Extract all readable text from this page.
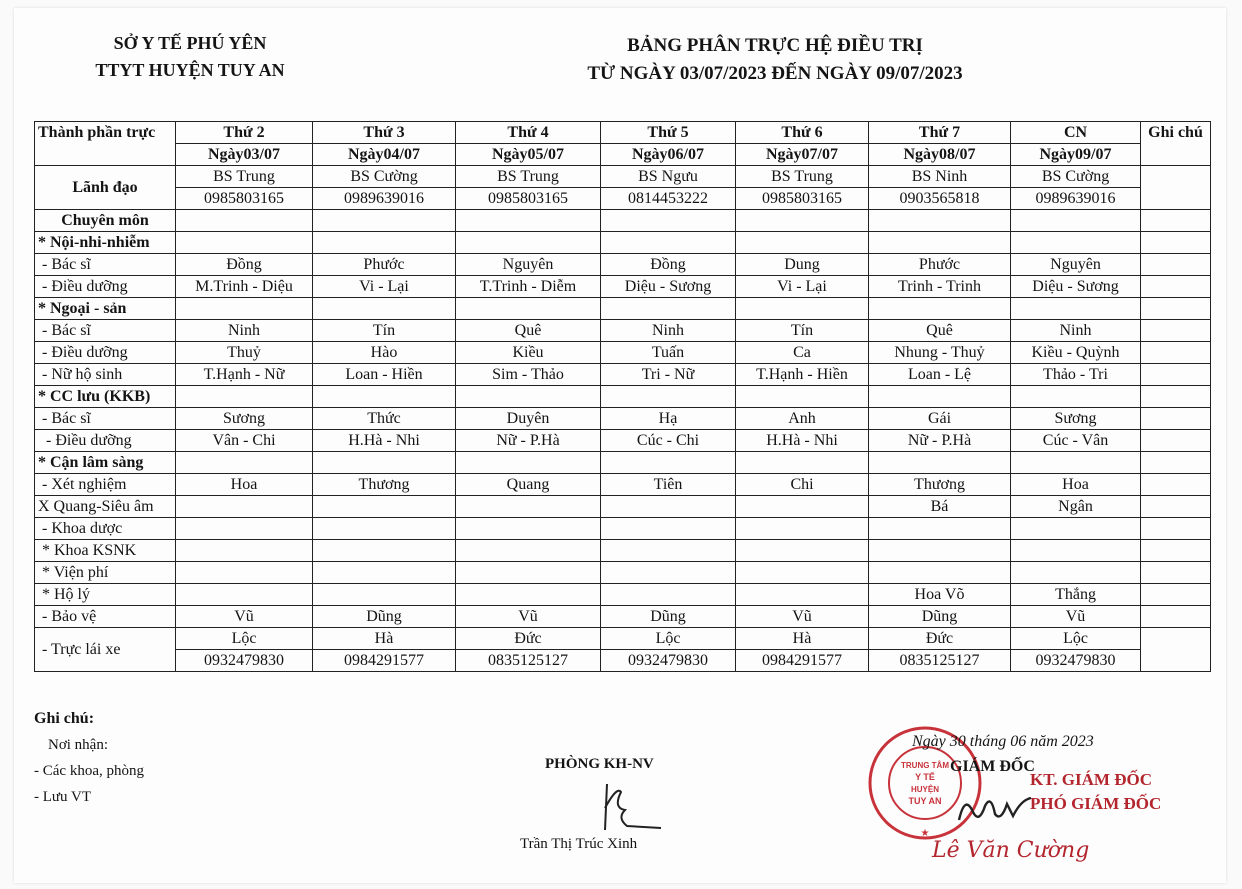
SỞ Y TẾ PHÚ YÊN
TTYT HUYỆN TUY AN
BẢNG PHÂN TRỰC HỆ ĐIỀU TRỊ
TỪ NGÀY 03/07/2023 ĐẾN NGÀY 09/07/2023
Thành phần trực	Thứ 2	Thứ 3	Thứ 4	Thứ 5	Thứ 6	Thứ 7	CN	Ghi chú
	Ngày03/07	Ngày04/07	Ngày05/07	Ngày06/07	Ngày07/07	Ngày08/07	Ngày09/07	
Lãnh đạo	BS Trung	BS Cường	BS Trung	BS Ngưu	BS Trung	BS Ninh	BS Cường	
	0985803165	0989639016	0985803165	0814453222	0985803165	0903565818	0989639016	
Chuyên môn								
* Nội-nhi-nhiễm								
- Bác sĩ	Đồng	Phước	Nguyên	Đồng	Dung	Phước	Nguyên	
- Điều dưỡng	M.Trinh - Diệu	Vi - Lại	T.Trinh - Diễm	Diệu - Sương	Vi - Lại	Trinh - Trinh	Diệu - Sương	
* Ngoại - sản								
- Bác sĩ	Ninh	Tín	Quê	Ninh	Tín	Quê	Ninh	
- Điều dưỡng	Thuỷ	Hào	Kiều	Tuấn	Ca	Nhung - Thuỷ	Kiều - Quỳnh	
- Nữ hộ sinh	T.Hạnh - Nữ	Loan - Hiền	Sim - Thảo	Tri - Nữ	T.Hạnh - Hiền	Loan - Lệ	Thảo - Tri	
* CC lưu (KKB)								
- Bác sĩ	Sương	Thức	Duyên	Hạ	Anh	Gái	Sương	
- Điều dưỡng	Vân - Chi	H.Hà - Nhi	Nữ - P.Hà	Cúc - Chi	H.Hà - Nhi	Nữ - P.Hà	Cúc - Vân	
* Cận lâm sàng								
- Xét nghiệm	Hoa	Thương	Quang	Tiên	Chi	Thương	Hoa	
X Quang-Siêu âm						Bá	Ngân	
- Khoa dược								
* Khoa KSNK								
* Viện phí								
* Hộ lý						Hoa Võ	Thắng	
- Bảo vệ	Vũ	Dũng	Vũ	Dũng	Vũ	Dũng	Vũ	
- Trực lái xe	Lộc	Hà	Đức	Lộc	Hà	Đức	Lộc	
	0932479830	0984291577	0835125127	0932479830	0984291577	0835125127	0932479830	
Ghi chú:
Nơi nhận:
- Các khoa, phòng
- Lưu VT
PHÒNG KH-NV
Trần Thị Trúc Xinh
TRUNG TÂM
Y TẾ
HUYỆN
TUY AN
★
Ngày 30 tháng 06 năm 2023
GIÁM ĐỐC
KT. GIÁM ĐỐC
PHÓ GIÁM ĐỐC
Lê Văn Cường
